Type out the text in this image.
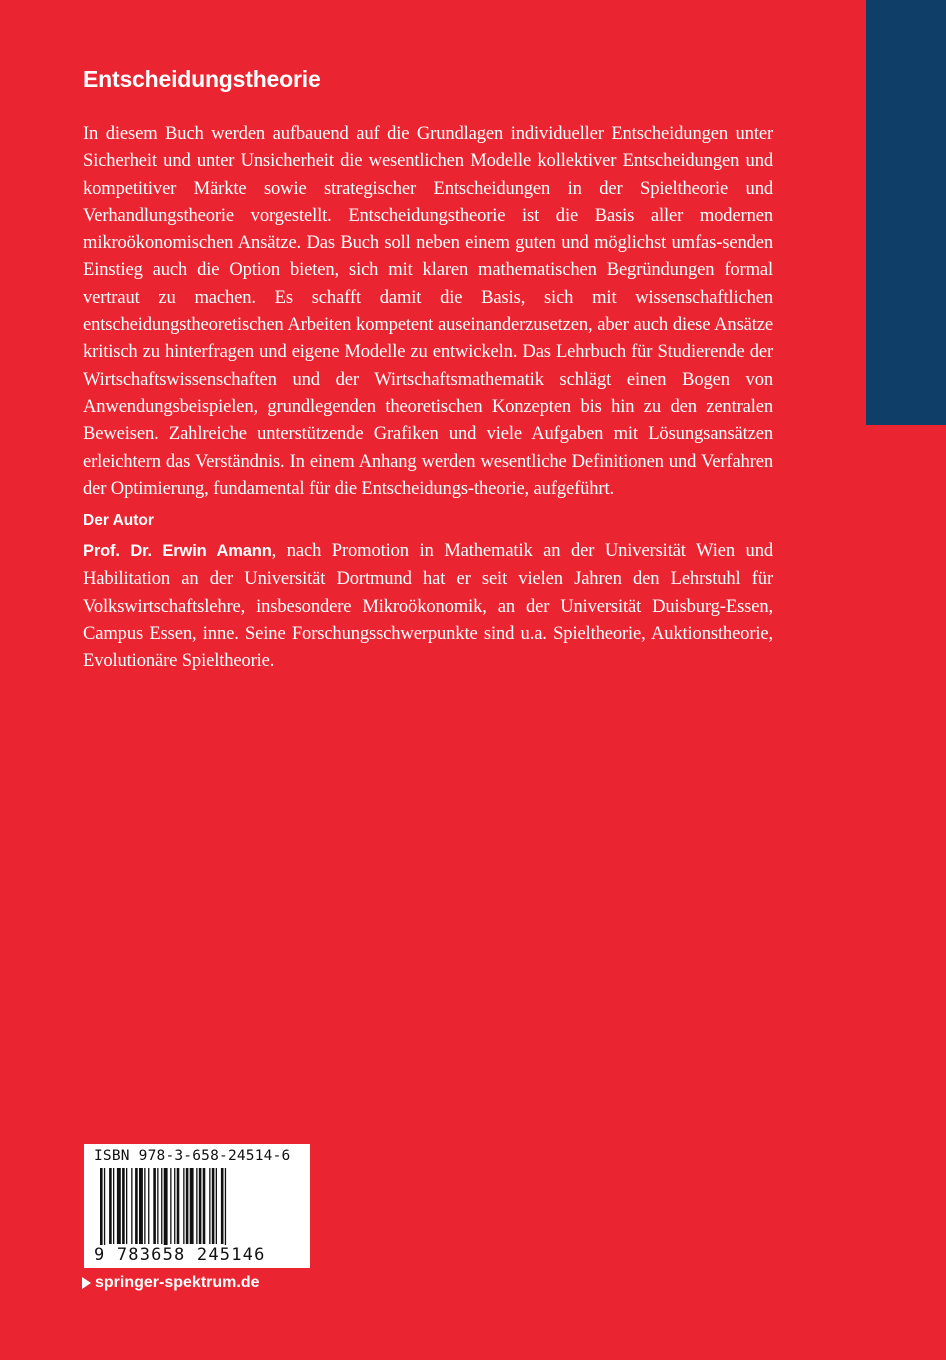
Entscheidungstheorie

In diesem Buch werden aufbauend auf die Grundlagen individueller Entscheidungen unter Sicherheit und unter Unsicherheit die wesentlichen Modelle kollektiver Entscheidungen und kompetitiver Märkte sowie strategischer Entscheidungen in der Spieltheorie und Verhandlungstheorie vorgestellt. Entscheidungstheorie ist die Basis aller modernen mikroökonomischen Ansätze. Das Buch soll neben einem guten und möglichst umfas-senden Einstieg auch die Option bieten, sich mit klaren mathematischen Begründungen formal vertraut zu machen. Es schafft damit die Basis, sich mit wissenschaftlichen entscheidungstheoretischen Arbeiten kompetent auseinanderzusetzen, aber auch diese Ansätze kritisch zu hinterfragen und eigene Modelle zu entwickeln. Das Lehrbuch für Studierende der Wirtschaftswissenschaften und der Wirtschaftsmathematik schlägt einen Bogen von Anwendungsbeispielen, grundlegenden theoretischen Konzepten bis hin zu den zentralen Beweisen. Zahlreiche unterstützende Grafiken und viele Aufgaben mit Lösungsansätzen erleichtern das Verständnis. In einem Anhang werden wesentliche Definitionen und Verfahren der Optimierung, fundamental für die Entscheidungs-theorie, aufgeführt.

Der Autor

Prof. Dr. Erwin Amann, nach Promotion in Mathematik an der Universität Wien und Habilitation an der Universität Dortmund hat er seit vielen Jahren den Lehrstuhl für Volkswirtschaftslehre, insbesondere Mikroökonomik, an der Universität Duisburg-Essen, Campus Essen, inne. Seine Forschungsschwerpunkte sind u.a. Spieltheorie, Auktionstheorie, Evolutionäre Spieltheorie.

ISBN 978-3-658-24514-6
9 783658 245146
springer-spektrum.de
